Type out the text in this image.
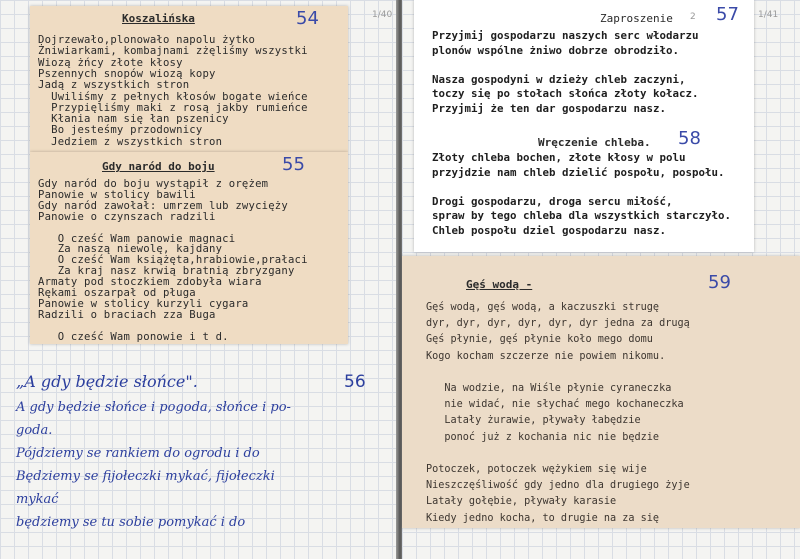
1/40
Koszalińska	54
Dojrzewało,plonowało napolu żytko
Żniwiarkami, kombajnami zżęliśmy wszystki
Wiozą żńcy złote kłosy
Pszennych snopów wiozą kopy
Jadą z wszystkich stron
Uwiliśmy z pełnych kłosów bogate wieńce
Przypięliśmy maki z rosą jakby rumieńce
Kłania nam się łan pszenicy
Bo jesteśmy przodownicy
Jedziem z wszystkich stron
Gdy naród do boju	55
Gdy naród do boju wystąpił z orężem
Panowie w stolicy bawili
Gdy naród zawołał: umrzem lub zwycięży
Panowie o czynszach radzili
O cześć Wam panowie magnaci
Za naszą niewolę, kajdany
O cześć Wam książęta,hrabiowie,prałaci
Za kraj nasz krwią bratnią zbryzgany
Armaty pod stoczkiem zdobyła wiara
Rękami oszarpał od pługa
Panowie w stolicy kurzyli cygara
Radzili o braciach zza Buga
O cześć Wam ponowie i t d.
„A gdy będzie słońce".	56
A gdy będzie słońce i pogoda, słońce i po-
goda.
Pójdziemy se rankiem do ogrodu i do
Będziemy se fijołeczki mykać, fijołeczki
mykać
będziemy se tu sobie pomykać i do
1/41
Zaproszenie 2 57
Przyjmij gospodarzu naszych serc włodarzu
plonów wspólne żniwo dobrze obrodziło.
Nasza gospodyni w dzieży chleb zaczyni,
toczy się po stołach słońca złoty kołacz.
Przyjmij że ten dar gospodarzu nasz.
Wręczenie chleba. 58
Złoty chleba bochen, złote kłosy w polu
przyjdzie nam chleb dzielić pospołu, pospołu.
Drogi gospodarzu, droga sercu miłość,
spraw by tego chleba dla wszystkich starczyło.
Chleb pospołu dziel gospodarzu nasz.
Gęś wodą -	59
Gęś wodą, gęś wodą, a kaczuszki strugę
dyr, dyr, dyr, dyr, dyr, dyr jedna za drugą
Gęś płynie, gęś płynie koło mego domu
Kogo kocham szczerze nie powiem nikomu.
Na wodzie, na Wiśle płynie cyraneczka
nie widać, nie słychać mego kochaneczka
Latały żurawie, pływały łabędzie
ponoć już z kochania nic nie będzie
Potoczek, potoczek wężykiem się wije
Nieszczęśliwość gdy jedno dla drugiego żyje
Latały gołębie, pływały karasie
Kiedy jedno kocha, to drugie na za się
